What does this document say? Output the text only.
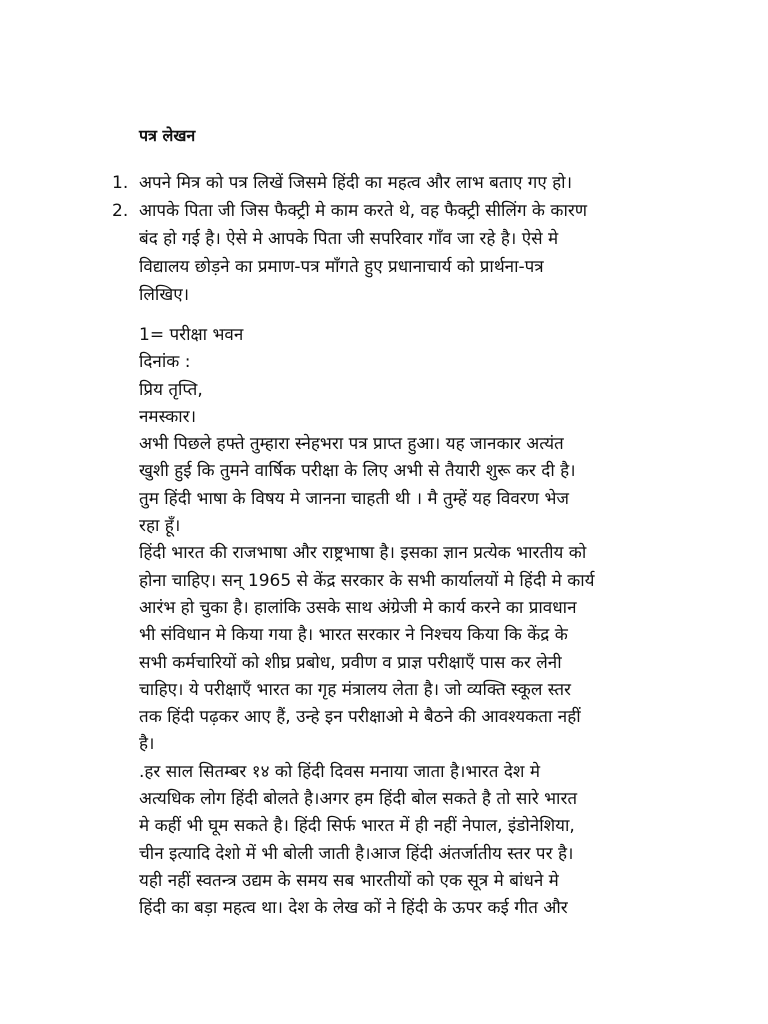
पत्र लेखन
1. अपने मित्र को पत्र लिखें जिसमे हिंदी का महत्व और लाभ बताए गए हो।
2. आपके पिता जी जिस फैक्ट्री मे काम करते थे, वह फैक्ट्री सीलिंग के कारण
बंद हो गई है। ऐसे मे आपके पिता जी सपरिवार गाँव जा रहे है। ऐसे मे
विद्यालय छोड़ने का प्रमाण-पत्र माँगते हुए प्रधानाचार्य को प्रार्थना-पत्र
लिखिए।
1= परीक्षा भवन
दिनांक :
प्रिय तृप्ति,
नमस्कार।
अभी पिछले हफ्ते तुम्हारा स्नेहभरा पत्र प्राप्त हुआ। यह जानकार अत्यंत
खुशी हुई कि तुमने वार्षिक परीक्षा के लिए अभी से तैयारी शुरू कर दी है।
तुम हिंदी भाषा के विषय मे जानना चाहती थी । मै तुम्हें यह विवरण भेज
रहा हूँ।
हिंदी भारत की राजभाषा और राष्ट्रभाषा है। इसका ज्ञान प्रत्येक भारतीय को
होना चाहिए। सन् 1965 से केंद्र सरकार के सभी कार्यालयों मे हिंदी मे कार्य
आरंभ हो चुका है। हालांकि उसके साथ अंग्रेजी मे कार्य करने का प्रावधान
भी संविधान मे किया गया है। भारत सरकार ने निश्चय किया कि केंद्र के
सभी कर्मचारियों को शीघ्र प्रबोध, प्रवीण व प्राज्ञ परीक्षाएँ पास कर लेनी
चाहिए। ये परीक्षाएँ भारत का गृह मंत्रालय लेता है। जो व्यक्ति स्कूल स्तर
तक हिंदी पढ़कर आए हैं, उन्हे इन परीक्षाओ मे बैठने की आवश्यकता नहीं
है।
.हर साल सितम्बर १४ को हिंदी दिवस मनाया जाता है।भारत देश मे
अत्यधिक लोग हिंदी बोलते है।अगर हम हिंदी बोल सकते है तो सारे भारत
मे कहीं भी घूम सकते है। हिंदी सिर्फ भारत में ही नहीं नेपाल, इंडोनेशिया,
चीन इत्यादि देशो में भी बोली जाती है।आज हिंदी अंतर्जातीय स्तर पर है।
यही नहीं स्वतन्त्र उद्यम के समय सब भारतीयों को एक सूत्र मे बांधने मे
हिंदी का बड़ा महत्व था। देश के लेख कों ने हिंदी के ऊपर कई गीत और
